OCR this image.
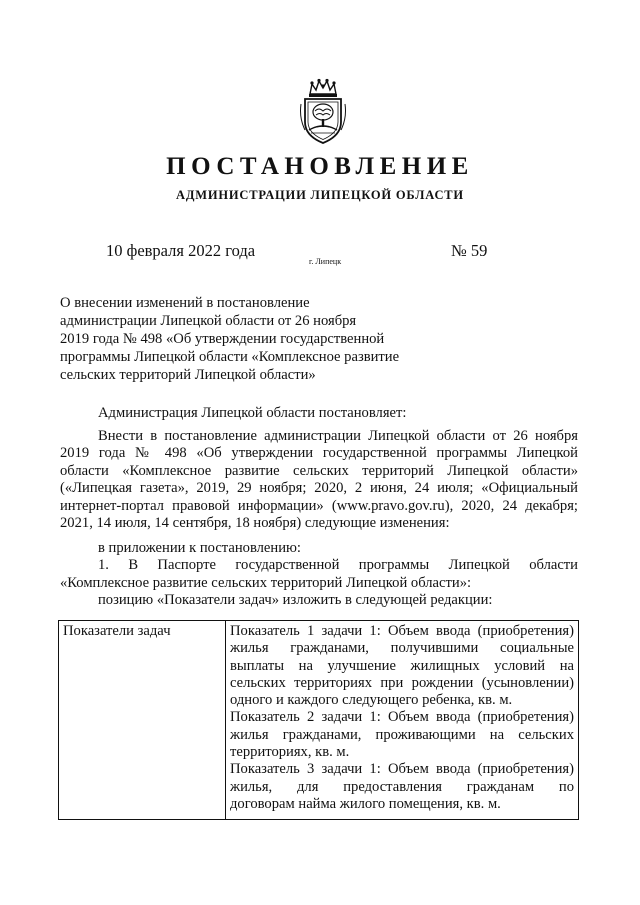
ПОСТАНОВЛЕНИЕ
АДМИНИСТРАЦИИ ЛИПЕЦКОЙ ОБЛАСТИ
10 февраля 2022 года
г. Липецк
№ 59
О внесении изменений в постановление
администрации Липецкой области от 26 ноября
2019 года № 498 «Об утверждении государственной
программы Липецкой области «Комплексное развитие
сельских территорий Липецкой области»
Администрация Липецкой области постановляет:
Внести в постановление администрации Липецкой области от 26 ноября
2019 года № 498 «Об утверждении государственной программы Липецкой
области «Комплексное развитие сельских территорий Липецкой области»
(«Липецкая газета», 2019, 29 ноября; 2020, 2 июня, 24 июля; «Официальный
интернет-портал правовой информации» (www.pravo.gov.ru), 2020, 24 декабря;
2021, 14 июля, 14 сентября, 18 ноября) следующие изменения:
в приложении к постановлению:
1. В Паспорте государственной программы Липецкой области
«Комплексное развитие сельских территорий Липецкой области»:
позицию «Показатели задач» изложить в следующей редакции:
Показатели задач	Показатель 1 задачи 1: Объем ввода (приобретения)
жилья гражданами, получившими социальные
выплаты на улучшение жилищных условий на
сельских территориях при рождении (усыновлении)
одного и каждого следующего ребенка, кв. м.
Показатель 2 задачи 1: Объем ввода (приобретения)
жилья гражданами, проживающими на сельских
территориях, кв. м.
Показатель 3 задачи 1: Объем ввода (приобретения)
жилья, для предоставления гражданам по
договорам найма жилого помещения, кв. м.
